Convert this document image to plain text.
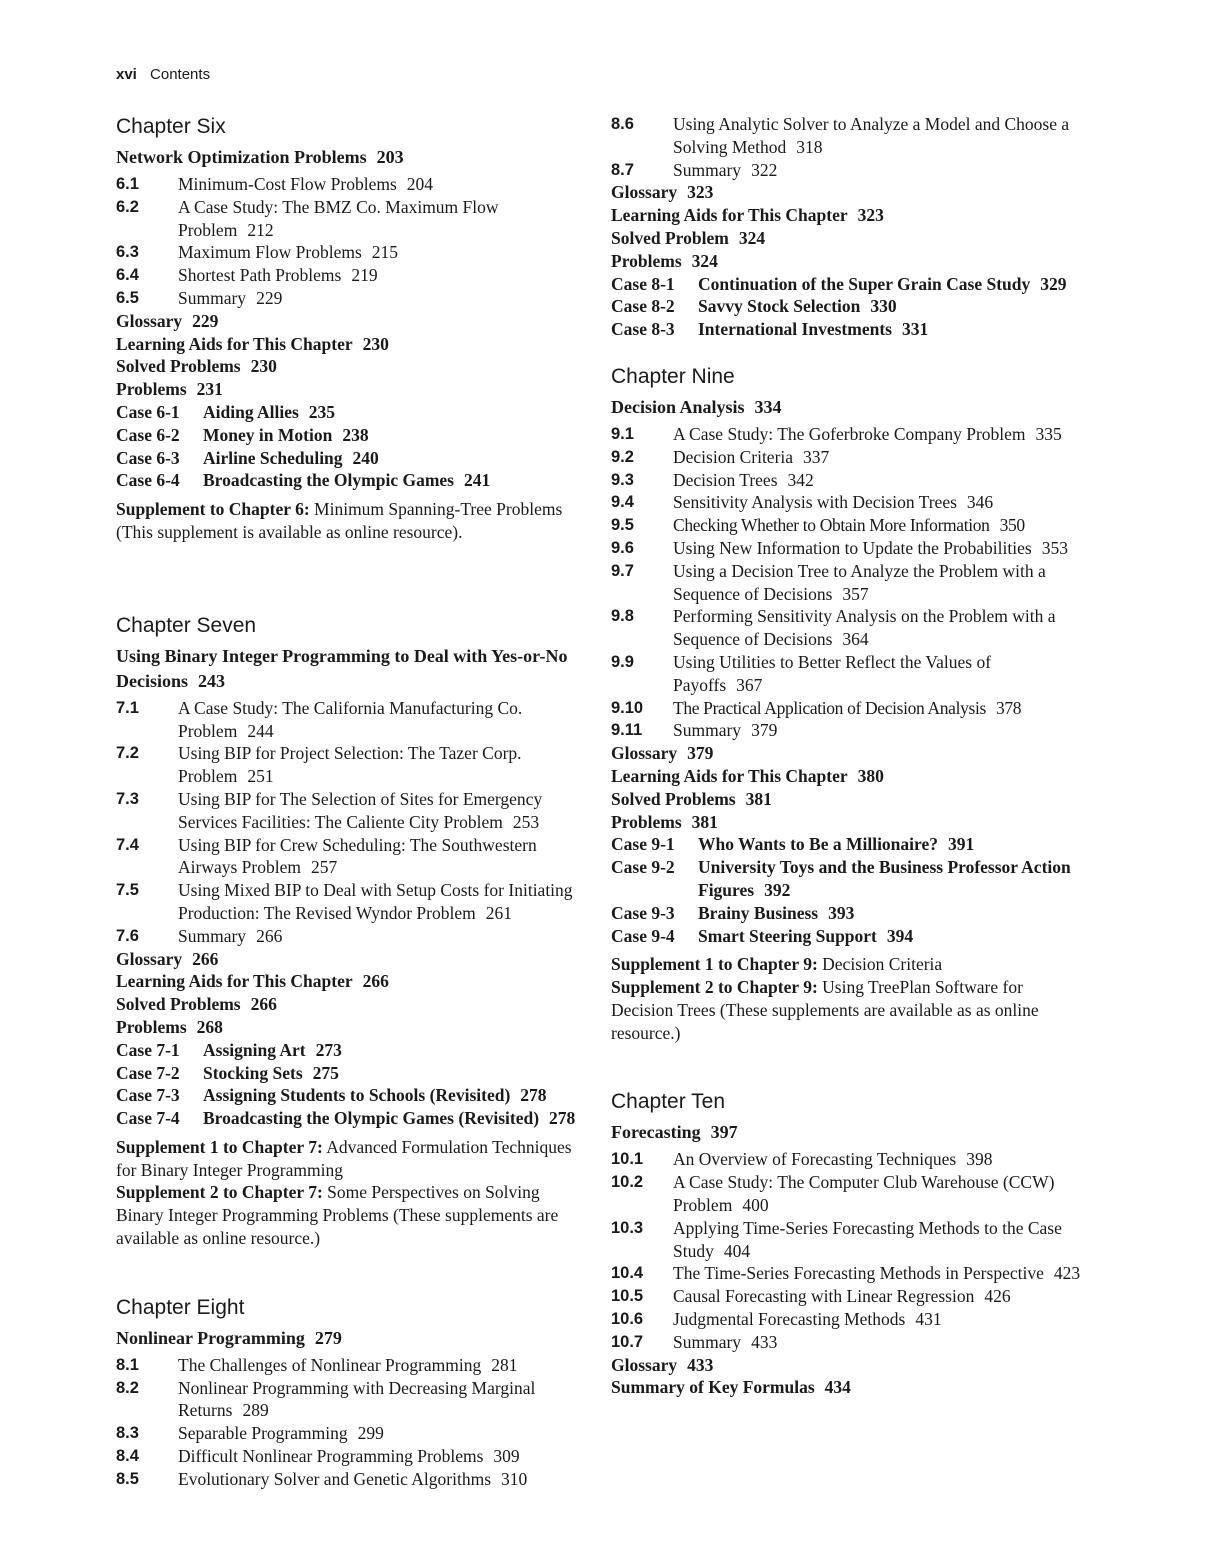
xvi Contents
Chapter Six
Network Optimization Problems 203
6.1	Minimum-Cost Flow Problems 204
6.2	A Case Study: The BMZ Co. Maximum Flow Problem 212
6.3	Maximum Flow Problems 215
6.4	Shortest Path Problems 219
6.5	Summary 229
Glossary 229
Learning Aids for This Chapter 230
Solved Problems 230
Problems 231
Case 6-1	Aiding Allies 235
Case 6-2	Money in Motion 238
Case 6-3	Airline Scheduling 240
Case 6-4	Broadcasting the Olympic Games 241
Supplement to Chapter 6: Minimum Spanning-Tree Problems (This supplement is available as online resource).
Chapter Seven
Using Binary Integer Programming to Deal with Yes-or-No Decisions 243
7.1	A Case Study: The California Manufacturing Co. Problem 244
7.2	Using BIP for Project Selection: The Tazer Corp. Problem 251
7.3	Using BIP for The Selection of Sites for Emergency Services Facilities: The Caliente City Problem 253
7.4	Using BIP for Crew Scheduling: The Southwestern Airways Problem 257
7.5	Using Mixed BIP to Deal with Setup Costs for Initiating Production: The Revised Wyndor Problem 261
7.6	Summary 266
Glossary 266
Learning Aids for This Chapter 266
Solved Problems 266
Problems 268
Case 7-1	Assigning Art 273
Case 7-2	Stocking Sets 275
Case 7-3	Assigning Students to Schools (Revisited) 278
Case 7-4	Broadcasting the Olympic Games (Revisited) 278
Supplement 1 to Chapter 7: Advanced Formulation Techniques for Binary Integer Programming
Supplement 2 to Chapter 7: Some Perspectives on Solving Binary Integer Programming Problems (These supplements are available as online resource.)
Chapter Eight
Nonlinear Programming 279
8.1	The Challenges of Nonlinear Programming 281
8.2	Nonlinear Programming with Decreasing Marginal Returns 289
8.3	Separable Programming 299
8.4	Difficult Nonlinear Programming Problems 309
8.5	Evolutionary Solver and Genetic Algorithms 310
8.6	Using Analytic Solver to Analyze a Model and Choose a Solving Method 318
8.7	Summary 322
Glossary 323
Learning Aids for This Chapter 323
Solved Problem 324
Problems 324
Case 8-1	Continuation of the Super Grain Case Study 329
Case 8-2	Savvy Stock Selection 330
Case 8-3	International Investments 331
Chapter Nine
Decision Analysis 334
9.1	A Case Study: The Goferbroke Company Problem 335
9.2	Decision Criteria 337
9.3	Decision Trees 342
9.4	Sensitivity Analysis with Decision Trees 346
9.5	Checking Whether to Obtain More Information 350
9.6	Using New Information to Update the Probabilities 353
9.7	Using a Decision Tree to Analyze the Problem with a Sequence of Decisions 357
9.8	Performing Sensitivity Analysis on the Problem with a Sequence of Decisions 364
9.9	Using Utilities to Better Reflect the Values of Payoffs 367
9.10	The Practical Application of Decision Analysis 378
9.11	Summary 379
Glossary 379
Learning Aids for This Chapter 380
Solved Problems 381
Problems 381
Case 9-1	Who Wants to Be a Millionaire? 391
Case 9-2	University Toys and the Business Professor Action Figures 392
Case 9-3	Brainy Business 393
Case 9-4	Smart Steering Support 394
Supplement 1 to Chapter 9: Decision Criteria
Supplement 2 to Chapter 9: Using TreePlan Software for Decision Trees (These supplements are available as as online resource.)
Chapter Ten
Forecasting 397
10.1	An Overview of Forecasting Techniques 398
10.2	A Case Study: The Computer Club Warehouse (CCW) Problem 400
10.3	Applying Time-Series Forecasting Methods to the Case Study 404
10.4	The Time-Series Forecasting Methods in Perspective 423
10.5	Causal Forecasting with Linear Regression 426
10.6	Judgmental Forecasting Methods 431
10.7	Summary 433
Glossary 433
Summary of Key Formulas 434
